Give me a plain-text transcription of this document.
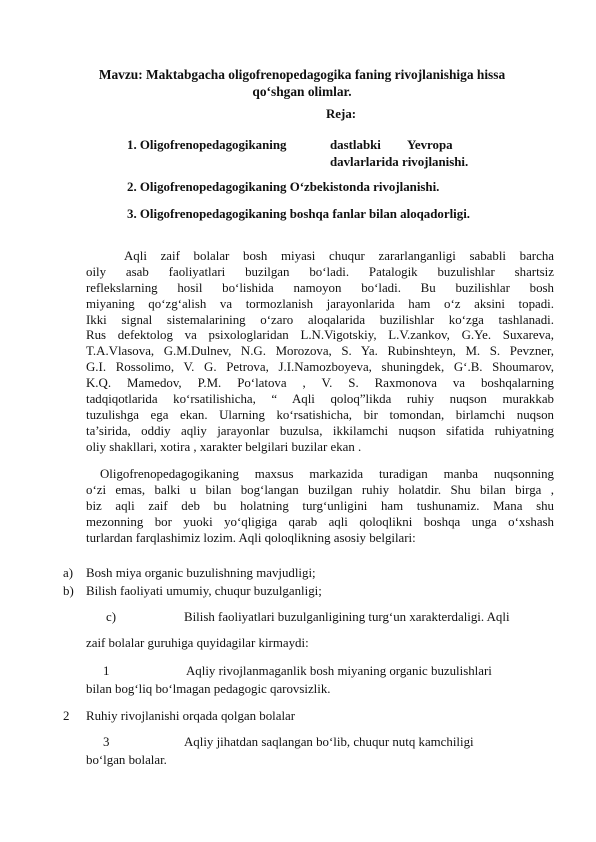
Mavzu: Maktabgacha oligofrenopedagogika faning rivojlanishiga hissa
qo‘shgan olimlar.
Reja:
1. Oligofrenopedagogikaning	dastlabki Yevropa
davlarlarida rivojlanishi.
2. Oligofrenopedagogikaning O‘zbekistonda rivojlanishi.
3. Oligofrenopedagogikaning boshqa fanlar bilan aloqadorligi.
Aqli zaif bolalar bosh miyasi chuqur zararlanganligi sababli barcha
oily asab faoliyatlari buzilgan bo‘ladi. Patalogik buzulishlar shartsiz
reflekslarning hosil bo‘lishida namoyon bo‘ladi. Bu buzilishlar bosh
miyaning qo‘zg‘alish va tormozlanish jarayonlarida ham o‘z aksini topadi.
Ikki signal sistemalarining o‘zaro aloqalarida buzilishlar ko‘zga tashlanadi.
Rus defektolog va psixologlaridan L.N.Vigotskiy, L.V.zankov, G.Ye. Suxareva,
T.A.Vlasova, G.M.Dulnev, N.G. Morozova, S. Ya. Rubinshteyn, M. S. Pevzner,
G.I. Rossolimo, V. G. Petrova, J.I.Namozboyeva, shuningdek, G‘.B. Shoumarov,
K.Q. Mamedov, P.M. Po‘latova , V. S. Raxmonova va boshqalarning
tadqiqotlarida ko‘rsatilishicha, “ Aqli qoloq”likda ruhiy nuqson murakkab
tuzulishga ega ekan. Ularning ko‘rsatishicha, bir tomondan, birlamchi nuqson
ta’sirida, oddiy aqliy jarayonlar buzulsa, ikkilamchi nuqson sifatida ruhiyatning
oliy shakllari, xotira , xarakter belgilari buzilar ekan .
Oligofrenopedagogikaning maxsus markazida turadigan manba nuqsonning
o‘zi emas, balki u bilan bog‘langan buzilgan ruhiy holatdir. Shu bilan birga ,
biz aqli zaif deb bu holatning turg‘unligini ham tushunamiz. Mana shu
mezonning bor yuoki yo‘qligiga qarab aqli qoloqlikni boshqa unga o‘xshash
turlardan farqlashimiz lozim. Aqli qoloqlikning asosiy belgilari:
a) Bosh miya organic buzulishning mavjudligi;
b) Bilish faoliyati umumiy, chuqur buzulganligi;
c)	Bilish faoliyatlari buzulganligining turg‘un xarakterdaligi. Aqli
zaif bolalar guruhiga quyidagilar kirmaydi:
1	Aqliy rivojlanmaganlik bosh miyaning organic buzulishlari
bilan bog‘liq bo‘lmagan pedagogic qarovsizlik.
2 Ruhiy rivojlanishi orqada qolgan bolalar
3	Aqliy jihatdan saqlangan bo‘lib, chuqur nutq kamchiligi
bo‘lgan bolalar.
